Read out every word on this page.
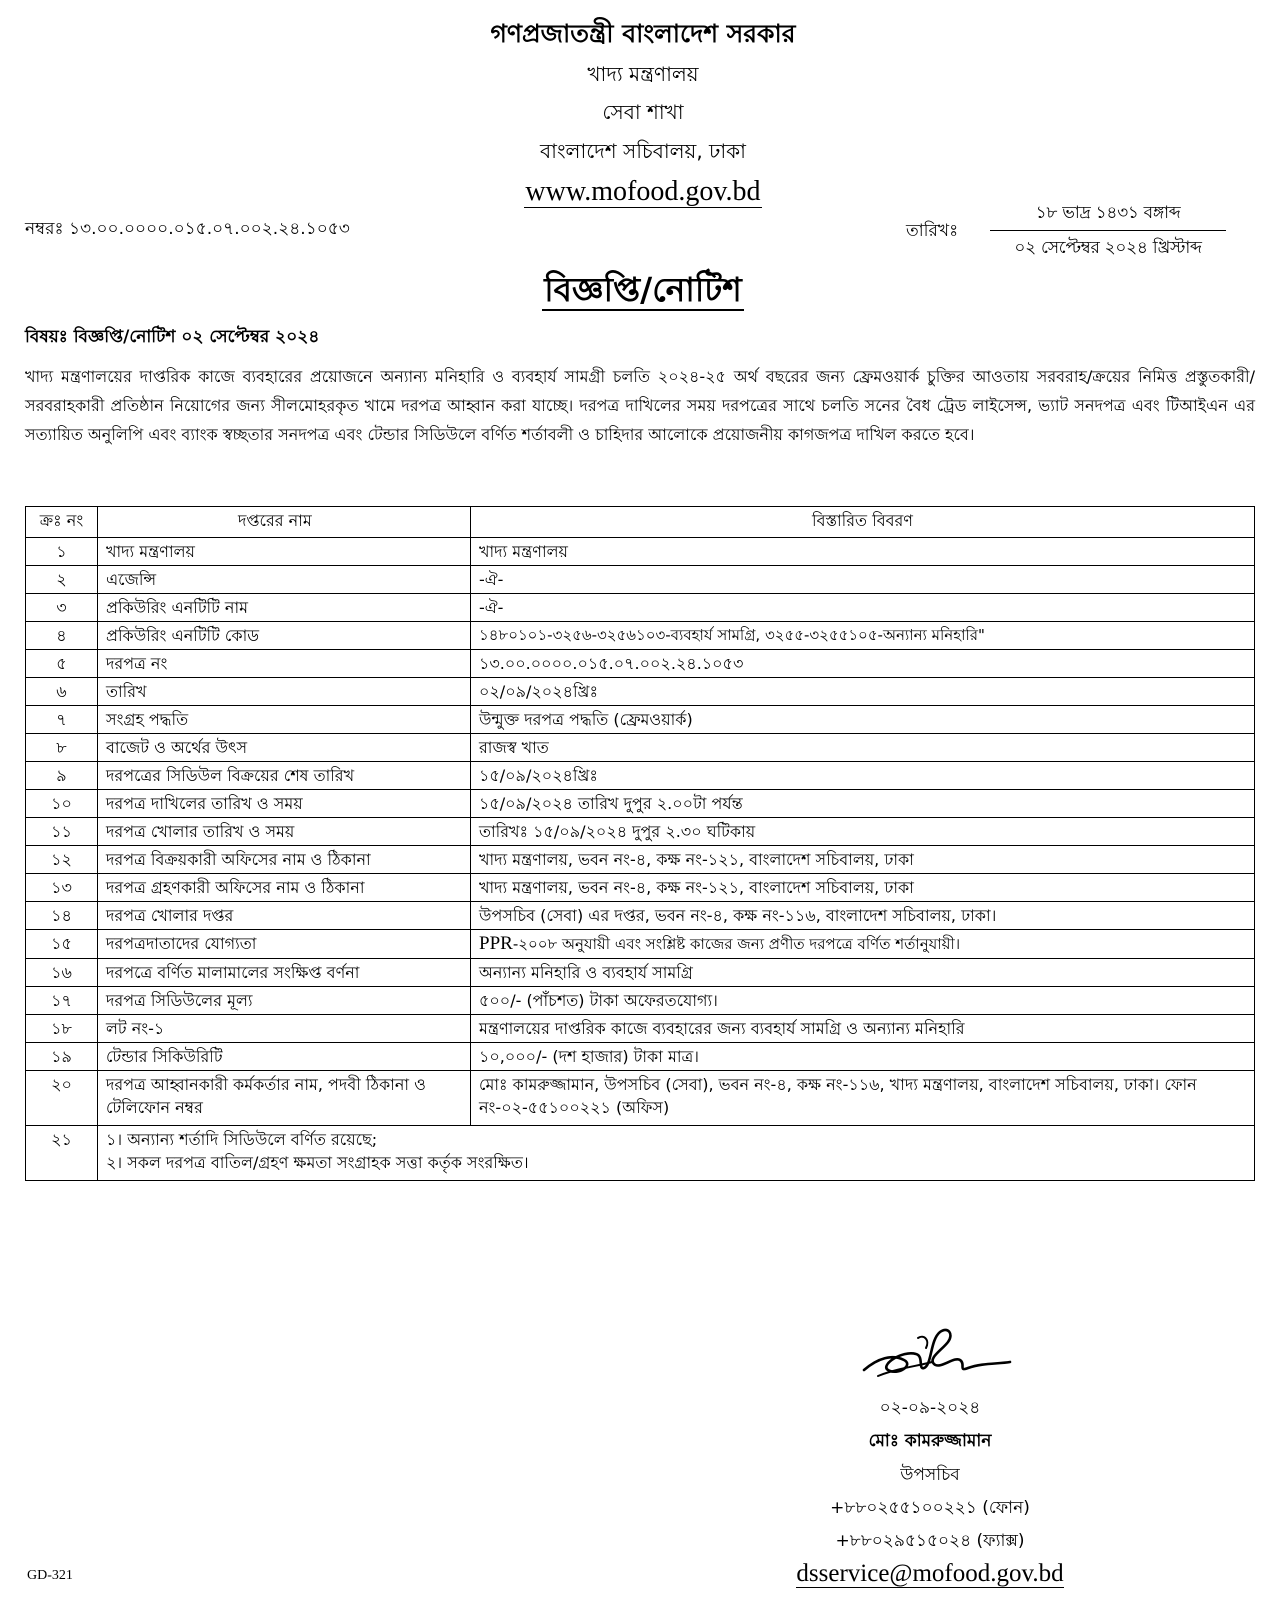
গণপ্রজাতন্ত্রী বাংলাদেশ সরকার
খাদ্য মন্ত্রণালয়
সেবা শাখা
বাংলাদেশ সচিবালয়, ঢাকা
www.mofood.gov.bd
নম্বরঃ ১৩.০০.০০০০.০১৫.০৭.০০২.২৪.১০৫৩	তারিখঃ
১৮ ভাদ্র ১৪৩১ বঙ্গাব্দ
০২ সেপ্টেম্বর ২০২৪ খ্রিস্টাব্দ
বিজ্ঞপ্তি/নোটিশ
বিষয়ঃ বিজ্ঞপ্তি/নোটিশ ০২ সেপ্টেম্বর ২০২৪
খাদ্য মন্ত্রণালয়ের দাপ্তরিক কাজে ব্যবহারের প্রয়োজনে অন্যান্য মনিহারি ও ব্যবহার্য সামগ্রী চলতি ২০২৪-২৫ অর্থ বছরের জন্য ফ্রেমওয়ার্ক চুক্তির আওতায় সরবরাহ/ক্রয়ের নিমিত্ত প্রস্তুতকারী/সরবরাহকারী প্রতিষ্ঠান নিয়োগের জন্য সীলমোহরকৃত খামে দরপত্র আহ্বান করা যাচ্ছে। দরপত্র দাখিলের সময় দরপত্রের সাথে চলতি সনের বৈধ ট্রেড লাইসেন্স, ভ্যাট সনদপত্র এবং টিআইএন এর সত্যায়িত অনুলিপি এবং ব্যাংক স্বচ্ছতার সনদপত্র এবং টেন্ডার সিডিউলে বর্ণিত শর্তাবলী ও চাহিদার আলোকে প্রয়োজনীয় কাগজপত্র দাখিল করতে হবে।
ক্রঃ নং	দপ্তরের নাম	বিস্তারিত বিবরণ
১	খাদ্য মন্ত্রণালয়	খাদ্য মন্ত্রণালয়
২	এজেন্সি	-ঐ-
৩	প্রকিউরিং এনটিটি নাম	-ঐ-
৪	প্রকিউরিং এনটিটি কোড	১৪৮০১০১-৩২৫৬-৩২৫৬১০৩-ব্যবহার্য সামগ্রি, ৩২৫৫-৩২৫৫১০৫-অন্যান্য মনিহারি"
৫	দরপত্র নং	১৩.০০.০০০০.০১৫.০৭.০০২.২৪.১০৫৩
৬	তারিখ	০২/০৯/২০২৪খ্রিঃ
৭	সংগ্রহ পদ্ধতি	উন্মুক্ত দরপত্র পদ্ধতি (ফ্রেমওয়ার্ক)
৮	বাজেট ও অর্থের উৎস	রাজস্ব খাত
৯	দরপত্রের সিডিউল বিক্রয়ের শেষ তারিখ	১৫/০৯/২০২৪খ্রিঃ
১০	দরপত্র দাখিলের তারিখ ও সময়	১৫/০৯/২০২৪ তারিখ দুপুর ২.০০টা পর্যন্ত
১১	দরপত্র খোলার তারিখ ও সময়	তারিখঃ ১৫/০৯/২০২৪ দুপুর ২.৩০ ঘটিকায়
১২	দরপত্র বিক্রয়কারী অফিসের নাম ও ঠিকানা	খাদ্য মন্ত্রণালয়, ভবন নং-৪, কক্ষ নং-১২১, বাংলাদেশ সচিবালয়, ঢাকা
১৩	দরপত্র গ্রহণকারী অফিসের নাম ও ঠিকানা	খাদ্য মন্ত্রণালয়, ভবন নং-৪, কক্ষ নং-১২১, বাংলাদেশ সচিবালয়, ঢাকা
১৪	দরপত্র খোলার দপ্তর	উপসচিব (সেবা) এর দপ্তর, ভবন নং-৪, কক্ষ নং-১১৬, বাংলাদেশ সচিবালয়, ঢাকা।
১৫	দরপত্রদাতাদের যোগ্যতা	PPR-২০০৮ অনুযায়ী এবং সংশ্লিষ্ট কাজের জন্য প্রণীত দরপত্রে বর্ণিত শর্তানুযায়ী।
১৬	দরপত্রে বর্ণিত মালামালের সংক্ষিপ্ত বর্ণনা	অন্যান্য মনিহারি ও ব্যবহার্য সামগ্রি
১৭	দরপত্র সিডিউলের মূল্য	৫০০/- (পাঁচশত) টাকা অফেরতযোগ্য।
১৮	লট নং-১	মন্ত্রণালয়ের দাপ্তরিক কাজে ব্যবহারের জন্য ব্যবহার্য সামগ্রি ও অন্যান্য মনিহারি
১৯	টেন্ডার সিকিউরিটি	১০,০০০/- (দশ হাজার) টাকা মাত্র।
২০	দরপত্র আহ্বানকারী কর্মকর্তার নাম, পদবী ঠিকানা ও টেলিফোন নম্বর	মোঃ কামরুজ্জামান, উপসচিব (সেবা), ভবন নং-৪, কক্ষ নং-১১৬, খাদ্য মন্ত্রণালয়, বাংলাদেশ সচিবালয়, ঢাকা। ফোন নং-০২-৫৫১০০২২১ (অফিস)
২১	১। অন্যান্য শর্তাদি সিডিউলে বর্ণিত রয়েছে;
২। সকল দরপত্র বাতিল/গ্রহণ ক্ষমতা সংগ্রাহক সত্তা কর্তৃক সংরক্ষিত।	
০২-০৯-২০২৪
মোঃ কামরুজ্জামান
উপসচিব
+৮৮০২৫৫১০০২২১ (ফোন)
+৮৮০২৯৫১৫০২৪ (ফ্যাক্স)
dsservice@mofood.gov.bd
GD-321
